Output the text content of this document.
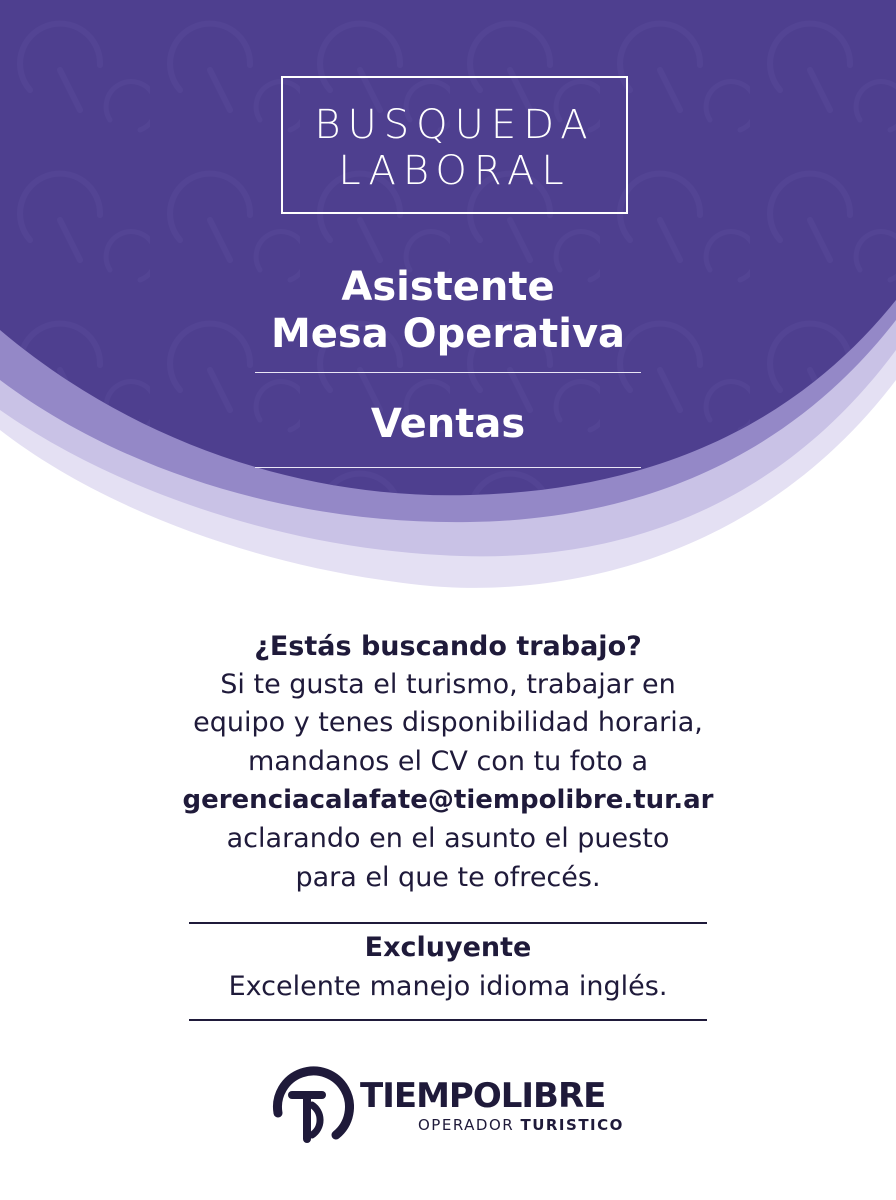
BUSQUEDA
LABORAL
Asistente
Mesa Operativa
Ventas
¿Estás buscando trabajo?
Si te gusta el turismo, trabajar en
equipo y tenes disponibilidad horaria,
mandanos el CV con tu foto a
gerenciacalafate@tiempolibre.tur.ar
aclarando en el asunto el puesto
para el que te ofrecés.
Excluyente
Excelente manejo idioma inglés.
TIEMPOLIBRE
OPERADOR TURISTICO
